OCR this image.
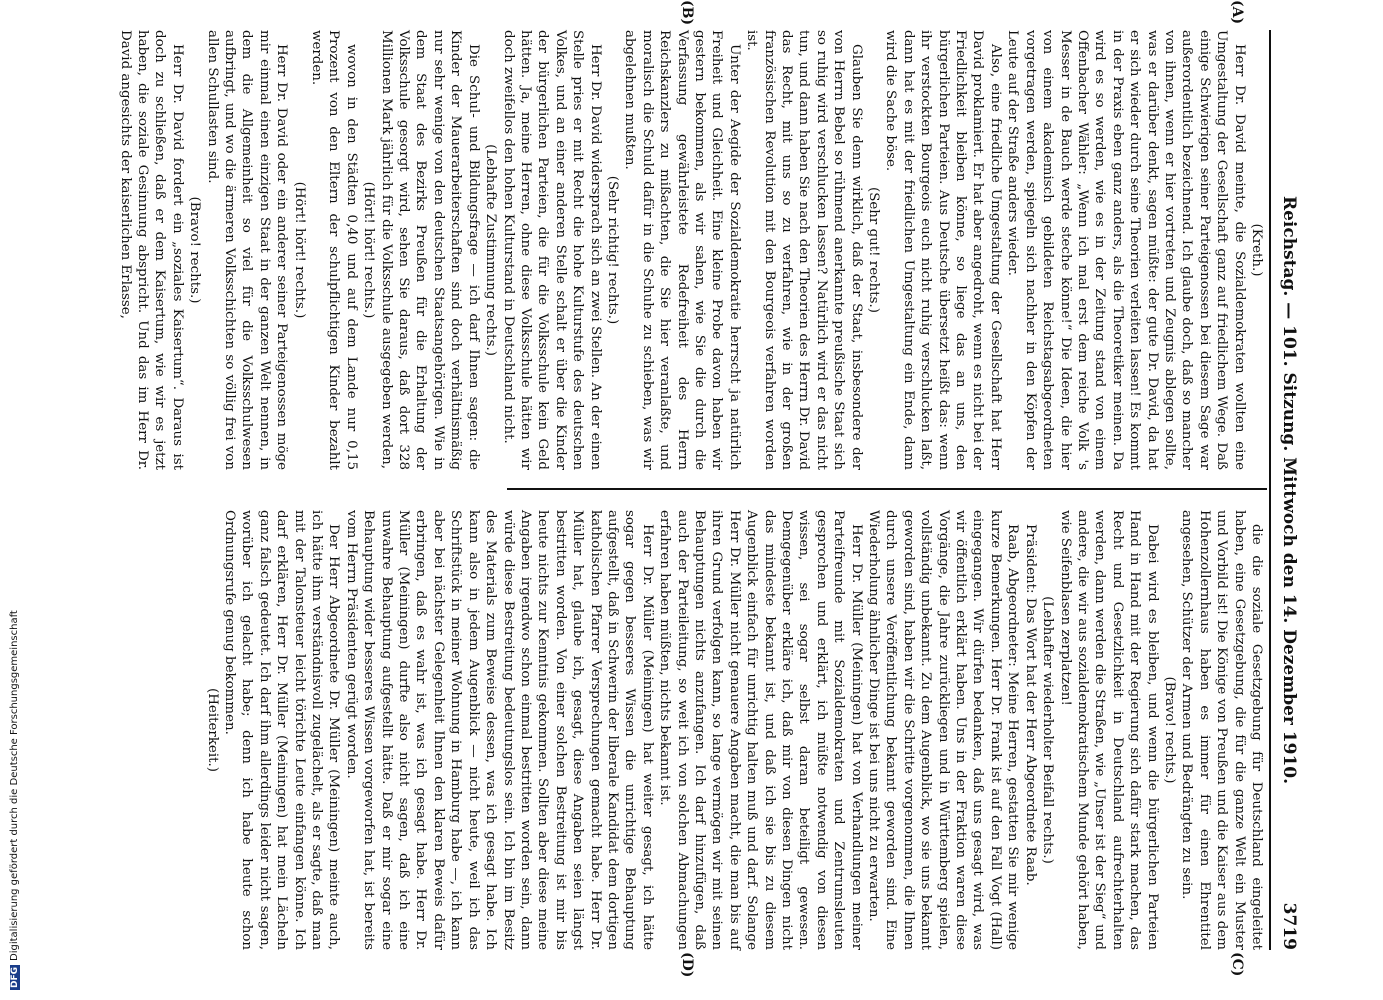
Reichstag. — 101. Sitzung. Mittwoch den 14. Dezember 1910.
3719

(Kreth.)

Herr Dr. David meinte, die Sozialdemokraten wollten eine Umgestaltung der Gesellschaft ganz auf friedlichem Wege. Daß einige Schwierigen seiner Parteigenossen bei diesem Sage war außerordentlich bezeichnend. Ich glaube doch, daß so mancher von ihnen, wenn er hier vortreten und Zeugnis ablegen sollte, was er darüber denkt, sagen müßte: der gute Dr. David, da hat er sich wieder durch seine Theorien verleiten lassen! Es kommt in der Praxis eben ganz anders, als die Theoretiker meinen. Da wird es so werden, wie es in der Zeitung stand von einem Offenbacher Wähler: „Wenn ich mal erst dem reiche Volk 's Messer in de Bauch werde steche könne!“ Die Ideen, die hier von einem akademisch gebildeten Reichstagsabgeordneten vorgetragen werden, spiegeln sich nachher in den Köpfen der Leute auf der Straße anders wieder.

Also, eine friedliche Umgestaltung der Gesellschaft hat Herr David proklamiert. Er hat aber angedroht, wenn es nicht bei der Friedlichkeit bleiben könne, so liege das an uns, den bürgerlichen Parteien. Aus Deutsche übersetzt heißt das: wenn ihr verstockten Bourgeois euch nicht ruhig verschlucken laßt, dann hat es mit der friedlichen Umgestaltung ein Ende, dann wird die Sache böse.

(Sehr gut! rechts.)

Glauben Sie denn wirklich, daß der Staat, insbesondere der von Herrn Bebel so rühmend anerkannte preußische Staat sich so ruhig wird verschlucken lassen? Natürlich wird er das nicht tun, und dann haben Sie nach den Theorien des Herrn Dr. David das Recht, mit uns so zu verfahren, wie in der großen französischen Revolution mit den Bourgeois verfahren worden ist.

Unter der Aegide der Sozialdemokratie herrscht ja natürlich Freiheit und Gleichheit. Eine kleine Probe davon haben wir gestern bekommen, als wir sahen, wie Sie die durch die Verfassung gewährleistete Redefreiheit des Herrn Reichskanzlers zu mißachten, die Sie hier veranlaßte, und moralisch die Schuld dafür in die Schuhe zu schieben, was wir abgelehnen mußten.

(Sehr richtig! rechts.)

Herr Dr. David widersprach sich an zwei Stellen. An der einen Stelle pries er mit Recht die hohe Kulturstufe des deutschen Volkes, und an einer anderen Stelle schalt er über die Kinder der bürgerlichen Parteien, die für die Volksschule kein Geld hätten. Ja, meine Herren, ohne diese Volksschule hätten wir doch zweifellos den hohen Kulturstand in Deutschland nicht.

(Lebhafte Zustimmung rechts.)

Die Schul- und Bildungsfrage — ich darf Ihnen sagen: die Kinder der Mauerarbeiterschaften sind doch verhältnismäßig nur sehr wenige von den deutschen Staatsangehörigen. Wie in dem Staat des Bezirks Preußen für die Erhaltung der Volksschule gesorgt wird, sehen Sie daraus, daß dort 328 Millionen Mark jährlich für die Volksschule ausgegeben werden,

(Hört! hört! rechts.)

wovon in den Städten 0,40 und auf dem Lande nur 0,15 Prozent von den Eltern der schulpflichtigen Kinder bezahlt werden.

(Hört! hört! rechts.)

Herr Dr. David oder ein anderer seiner Parteigenossen möge mir einmal einen einzigen Staat in der ganzen Welt nennen, in dem die Allgemeinheit so viel für die Volksschulwesen aufbringt, und wo die ärmeren Volksschichten so völlig frei von allen Schullasten sind.

(Bravo! rechts.)

Herr Dr. David fordert ein „soziales Kaisertum“. Daraus ist doch zu schließen, daß er dem Kaisertum, wie wir es jetzt haben, die soziale Gesinnung abspricht. Und das im Herr Dr. David angesichts der kaiserlichen Erlasse,

die die soziale Gesetzgebung für Deutschland eingeleitet haben, eine Gesetzgebung, die für die ganze Welt ein Muster und Vorbild ist! Die Könige von Preußen und die Kaiser aus dem Hohenzollernhaus haben es immer für einen Ehrentitel angesehen, Schützer der Armen und Bedrängten zu sein.

(Bravo! rechts.)

Dabei wird es bleiben, und wenn die bürgerlichen Parteien Hand in Hand mit der Regierung sich dafür stark machen, das Recht und Gesetzlichkeit in Deutschland aufrechterhalten werden, dann werden die Straßen, wie „Unser ist der Sieg“ und andere, die wir aus sozialdemokratischem Munde gehört haben, wie Seifenblasen zerplatzen!

(Lebhafter wiederholter Beifall rechts.)

Präsident: Das Wort hat der Herr Abgeordnete Raab.

Raab, Abgeordneter: Meine Herren, gestatten Sie mir wenige kurze Bemerkungen. Herr Dr. Frank ist auf den Fall Vogt (Hall) eingegangen. Wir dürfen bedanken, daß uns gesagt wird, was wir öffentlich erklärt haben. Uns in der Fraktion waren diese Vorgänge, die Jahre zurückliegen und in Württemberg spielen, vollständig unbekannt. Zu dem Augenblick, wo sie uns bekannt geworden sind, haben wir die Schritte vorgenommen, die Ihnen durch unsere Veröffentlichung bekannt geworden sind. Eine Wiederholung ähnlicher Dinge ist bei uns nicht zu erwarten.

Herr Dr. Müller (Meiningen) hat von Verhandlungen meiner Parteifreunde mit Sozialdemokraten und Zentrumsleuten gesprochen und erklärt, ich müßte notwendig von diesen wissen, sei sogar selbst daran beteiligt gewesen. Demgegenüber erkläre ich, daß mir von diesen Dingen nicht das mindeste bekannt ist, und daß ich sie bis zu diesem Augenblick einfach für unrichtig halten muß und darf. Solange Herr Dr. Müller nicht genauere Angaben macht, die man bis auf ihren Grund verfolgen kann, so lange vermögen wir mit seinen Behauptungen nichts anzufangen. Ich darf hinzufügen, daß auch der Parteileitung, so weit ich von solchen Abmachungen erfahren haben müßten, nichts bekannt ist.

Herr Dr. Müller (Meiningen) hat weiter gesagt, ich hätte sogar gegen besseres Wissen die unrichtige Behauptung aufgestellt, daß in Schwerin der liberale Kandidat dem dortigen katholischen Pfarrer Versprechungen gemacht habe. Herr Dr. Müller hat, glaube ich, gesagt, diese Angaben seien längst bestritten worden. Von einer solchen Bestreitung ist mir bis heute nichts zur Kenntnis gekommen. Sollten aber diese meine Angaben irgendwo schon einmal bestritten worden sein, dann würde diese Bestreitung bedeutungslos sein. Ich bin im Besitz des Materials zum Beweise dessen, was ich gesagt habe. Ich kann also in jedem Augenblick — nicht heute, weil ich das Schriftstück in meiner Wohnung in Hamburg habe —, ich kann aber bei nächster Gelegenheit Ihnen den klaren Beweis dafür erbringen, daß es wahr ist, was ich gesagt habe. Herr Dr. Müller (Meiningen) durfte also nicht sagen, daß ich eine unwahre Behauptung aufgestellt hätte. Daß er mir sogar eine Behauptung wider besseres Wissen vorgeworfen hat, ist bereits vom Herrn Präsidenten gerügt worden.

Der Herr Abgeordnete Dr. Müller (Meiningen) meinte auch, ich hätte ihm verständnisvoll zugelächelt, als er sagte, daß man mit der Talonsteuer leicht törichte Leute einfangen könne. Ich darf erklären, Herr Dr. Müller (Meiningen) hat mein Lächeln ganz falsch gedeutet. Ich darf ihm allerdings leider nicht sagen, worüber ich gelacht habe; denn ich habe heute schon Ordnungsrufe genug bekommen.

(Heiterkeit.)

(A)
(B)
(C)
(D)
DFGDigitalisierung gefördert durch die Deutsche Forschungsgemeinschaft
